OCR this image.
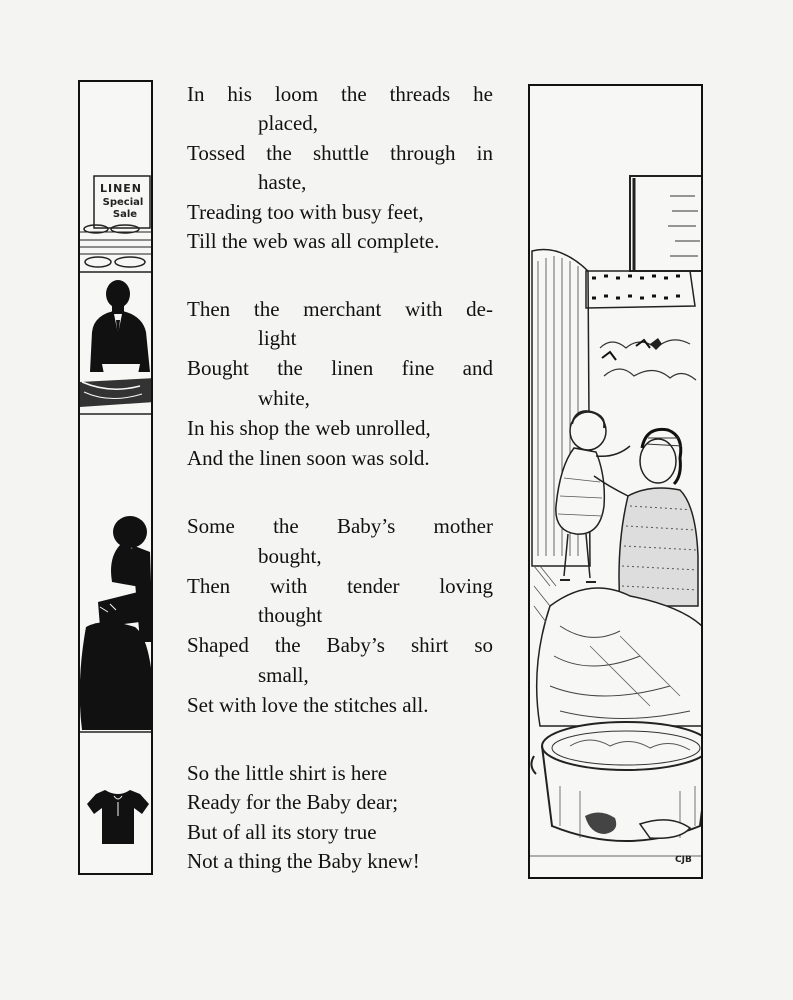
LINEN
Special
Sale

In his loom the threads he

placed,

Tossed the shuttle through in

haste,

Treading too with busy feet,

Till the web was all complete.

Then the merchant with de-

light

Bought the linen fine and

white,

In his shop the web unrolled,

And the linen soon was sold.

Some the Baby’s mother

bought,

Then with tender loving

thought

Shaped the Baby’s shirt so

small,

Set with love the stitches all.

So the little shirt is here

Ready for the Baby dear;

But of all its story true

Not a thing the Baby knew!	CJB
